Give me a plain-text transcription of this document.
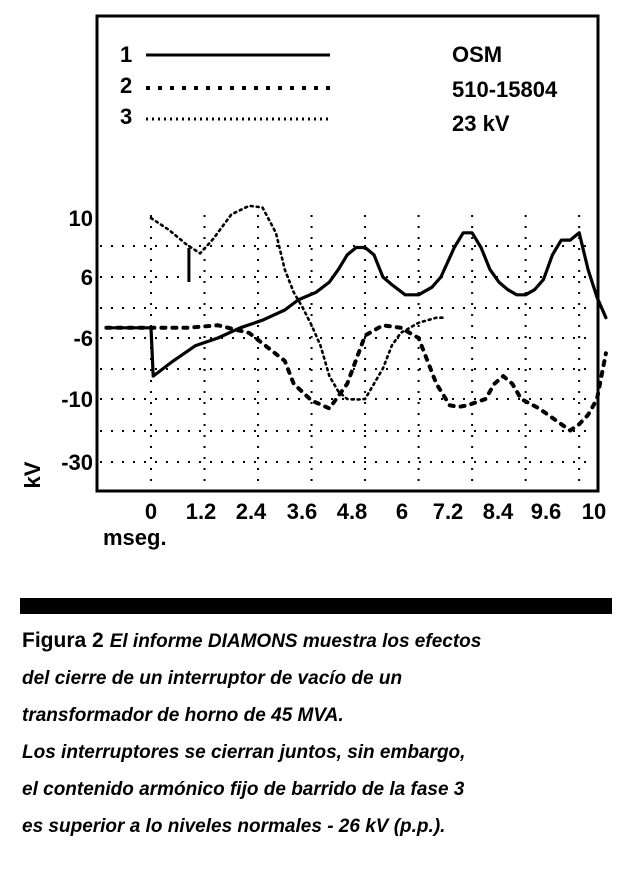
0 1.2 2.4 3.6 4.8 6 7.2 8.4 9.6 10
10
6
-6
-10
-30
1
2
3
OSM
510-15804
23 kV
kV
mseg.
Figura 2 El informe DIAMONS muestra los efectos
del cierre de un interruptor de vacío de un
transformador de horno de 45 MVA.
Los interruptores se cierran juntos, sin embargo,
el contenido armónico fijo de barrido de la fase 3
es superior a lo niveles normales - 26 kV (p.p.).
